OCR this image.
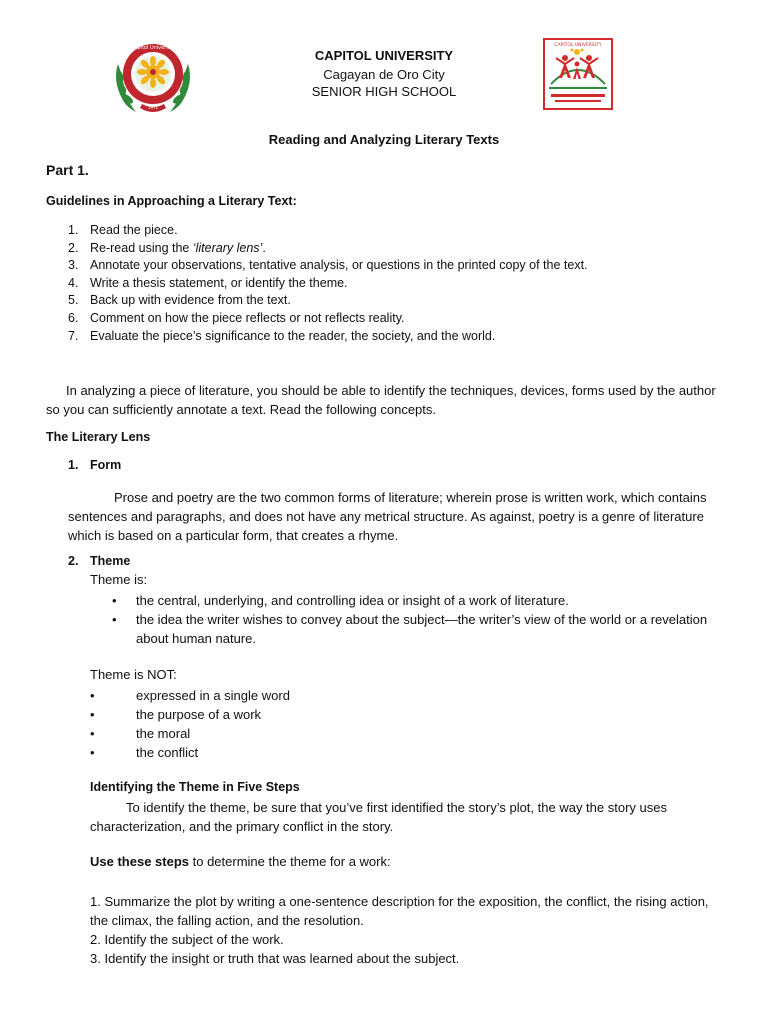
Capitol University
1971
CAPITOL UNIVERSITY
Cagayan de Oro City
SENIOR HIGH SCHOOL
CAPITOL UNIVERSITY
Reading and Analyzing Literary Texts
Part 1.
Guidelines in Approaching a Literary Text:
1. Read the piece.
2. Re-read using the ‘literary lens’.
3. Annotate your observations, tentative analysis, or questions in the printed copy of the text.
4. Write a thesis statement, or identify the theme.
5. Back up with evidence from the text.
6. Comment on how the piece reflects or not reflects reality.
7. Evaluate the piece’s significance to the reader, the society, and the world.
In analyzing a piece of literature, you should be able to identify the techniques, devices, forms used by the author so you can sufficiently annotate a text. Read the following concepts.
The Literary Lens
1. Form
Prose and poetry are the two common forms of literature; wherein prose is written work, which contains sentences and paragraphs, and does not have any metrical structure. As against, poetry is a genre of literature which is based on a particular form, that creates a rhyme.
2. Theme
Theme is:
• the central, underlying, and controlling idea or insight of a work of literature.
• the idea the writer wishes to convey about the subject—the writer’s view of the world or a revelation about human nature.
Theme is NOT:
•	expressed in a single word
•	the purpose of a work
•	the moral
•	the conflict
Identifying the Theme in Five Steps
To identify the theme, be sure that you’ve first identified the story’s plot, the way the story uses characterization, and the primary conflict in the story.
Use these steps to determine the theme for a work:
1. Summarize the plot by writing a one-sentence description for the exposition, the conflict, the rising action, the climax, the falling action, and the resolution.
2. Identify the subject of the work.
3. Identify the insight or truth that was learned about the subject.
